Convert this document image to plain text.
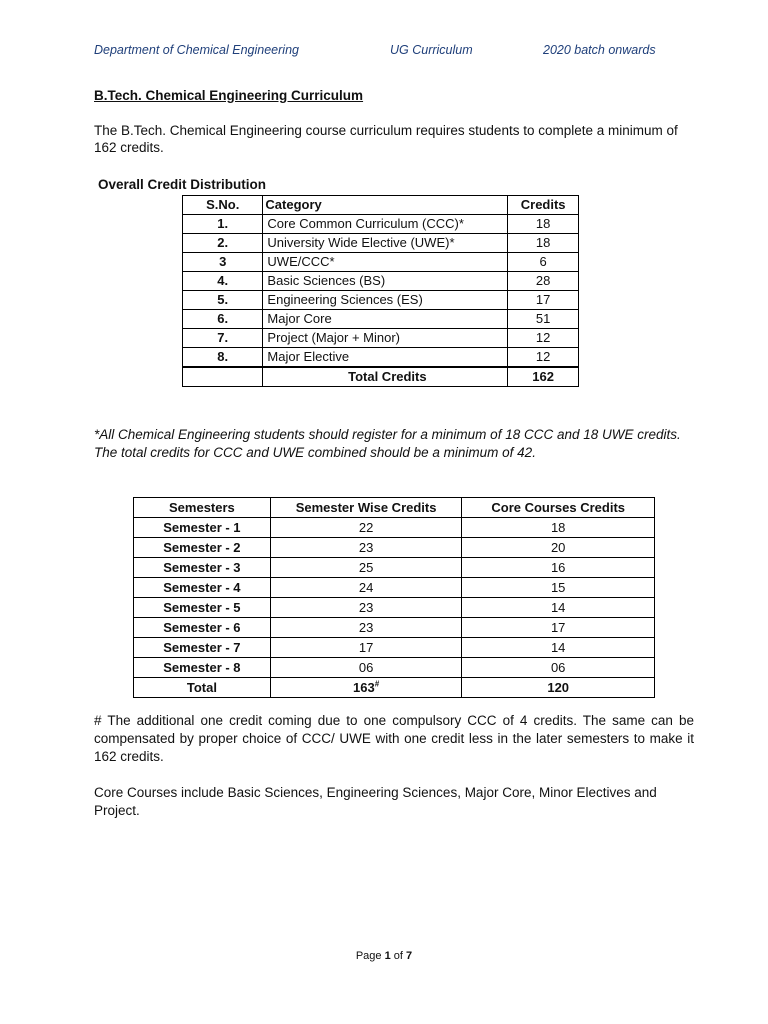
Department of Chemical Engineering	UG Curriculum	2020 batch onwards
B.Tech. Chemical Engineering Curriculum
The B.Tech. Chemical Engineering course curriculum requires students to complete a minimum of 162 credits.
Overall Credit Distribution
S.No.	Category	Credits
1.	Core Common Curriculum (CCC)*	18
2.	University Wide Elective (UWE)*	18
3	UWE/CCC*	6
4.	Basic Sciences (BS)	28
5.	Engineering Sciences (ES)	17
6.	Major Core	51
7.	Project (Major + Minor)	12
8.	Major Elective	12
	Total Credits	162
*All Chemical Engineering students should register for a minimum of 18 CCC and 18 UWE credits. The total credits for CCC and UWE combined should be a minimum of 42.
Semesters	Semester Wise Credits	Core Courses Credits
Semester - 1	22	18
Semester - 2	23	20
Semester - 3	25	16
Semester - 4	24	15
Semester - 5	23	14
Semester - 6	23	17
Semester - 7	17	14
Semester - 8	06	06
Total	163#	120
# The additional one credit coming due to one compulsory CCC of 4 credits. The same can be compensated by proper choice of CCC/ UWE with one credit less in the later semesters to make it 162 credits.
Core Courses include Basic Sciences, Engineering Sciences, Major Core, Minor Electives and Project.
Page 1 of 7
